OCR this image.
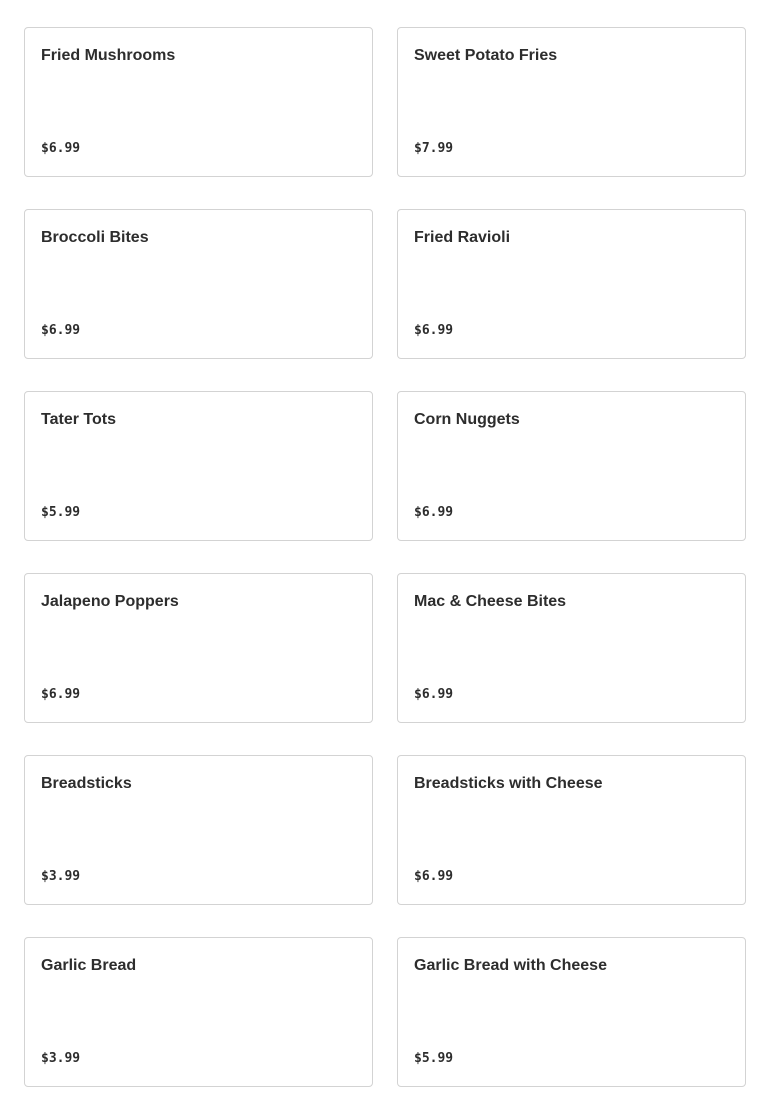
Fried Mushrooms
$6.99
Sweet Potato Fries
$7.99
Broccoli Bites
$6.99
Fried Ravioli
$6.99
Tater Tots
$5.99
Corn Nuggets
$6.99
Jalapeno Poppers
$6.99
Mac & Cheese Bites
$6.99
Breadsticks
$3.99
Breadsticks with Cheese
$6.99
Garlic Bread
$3.99
Garlic Bread with Cheese
$5.99
